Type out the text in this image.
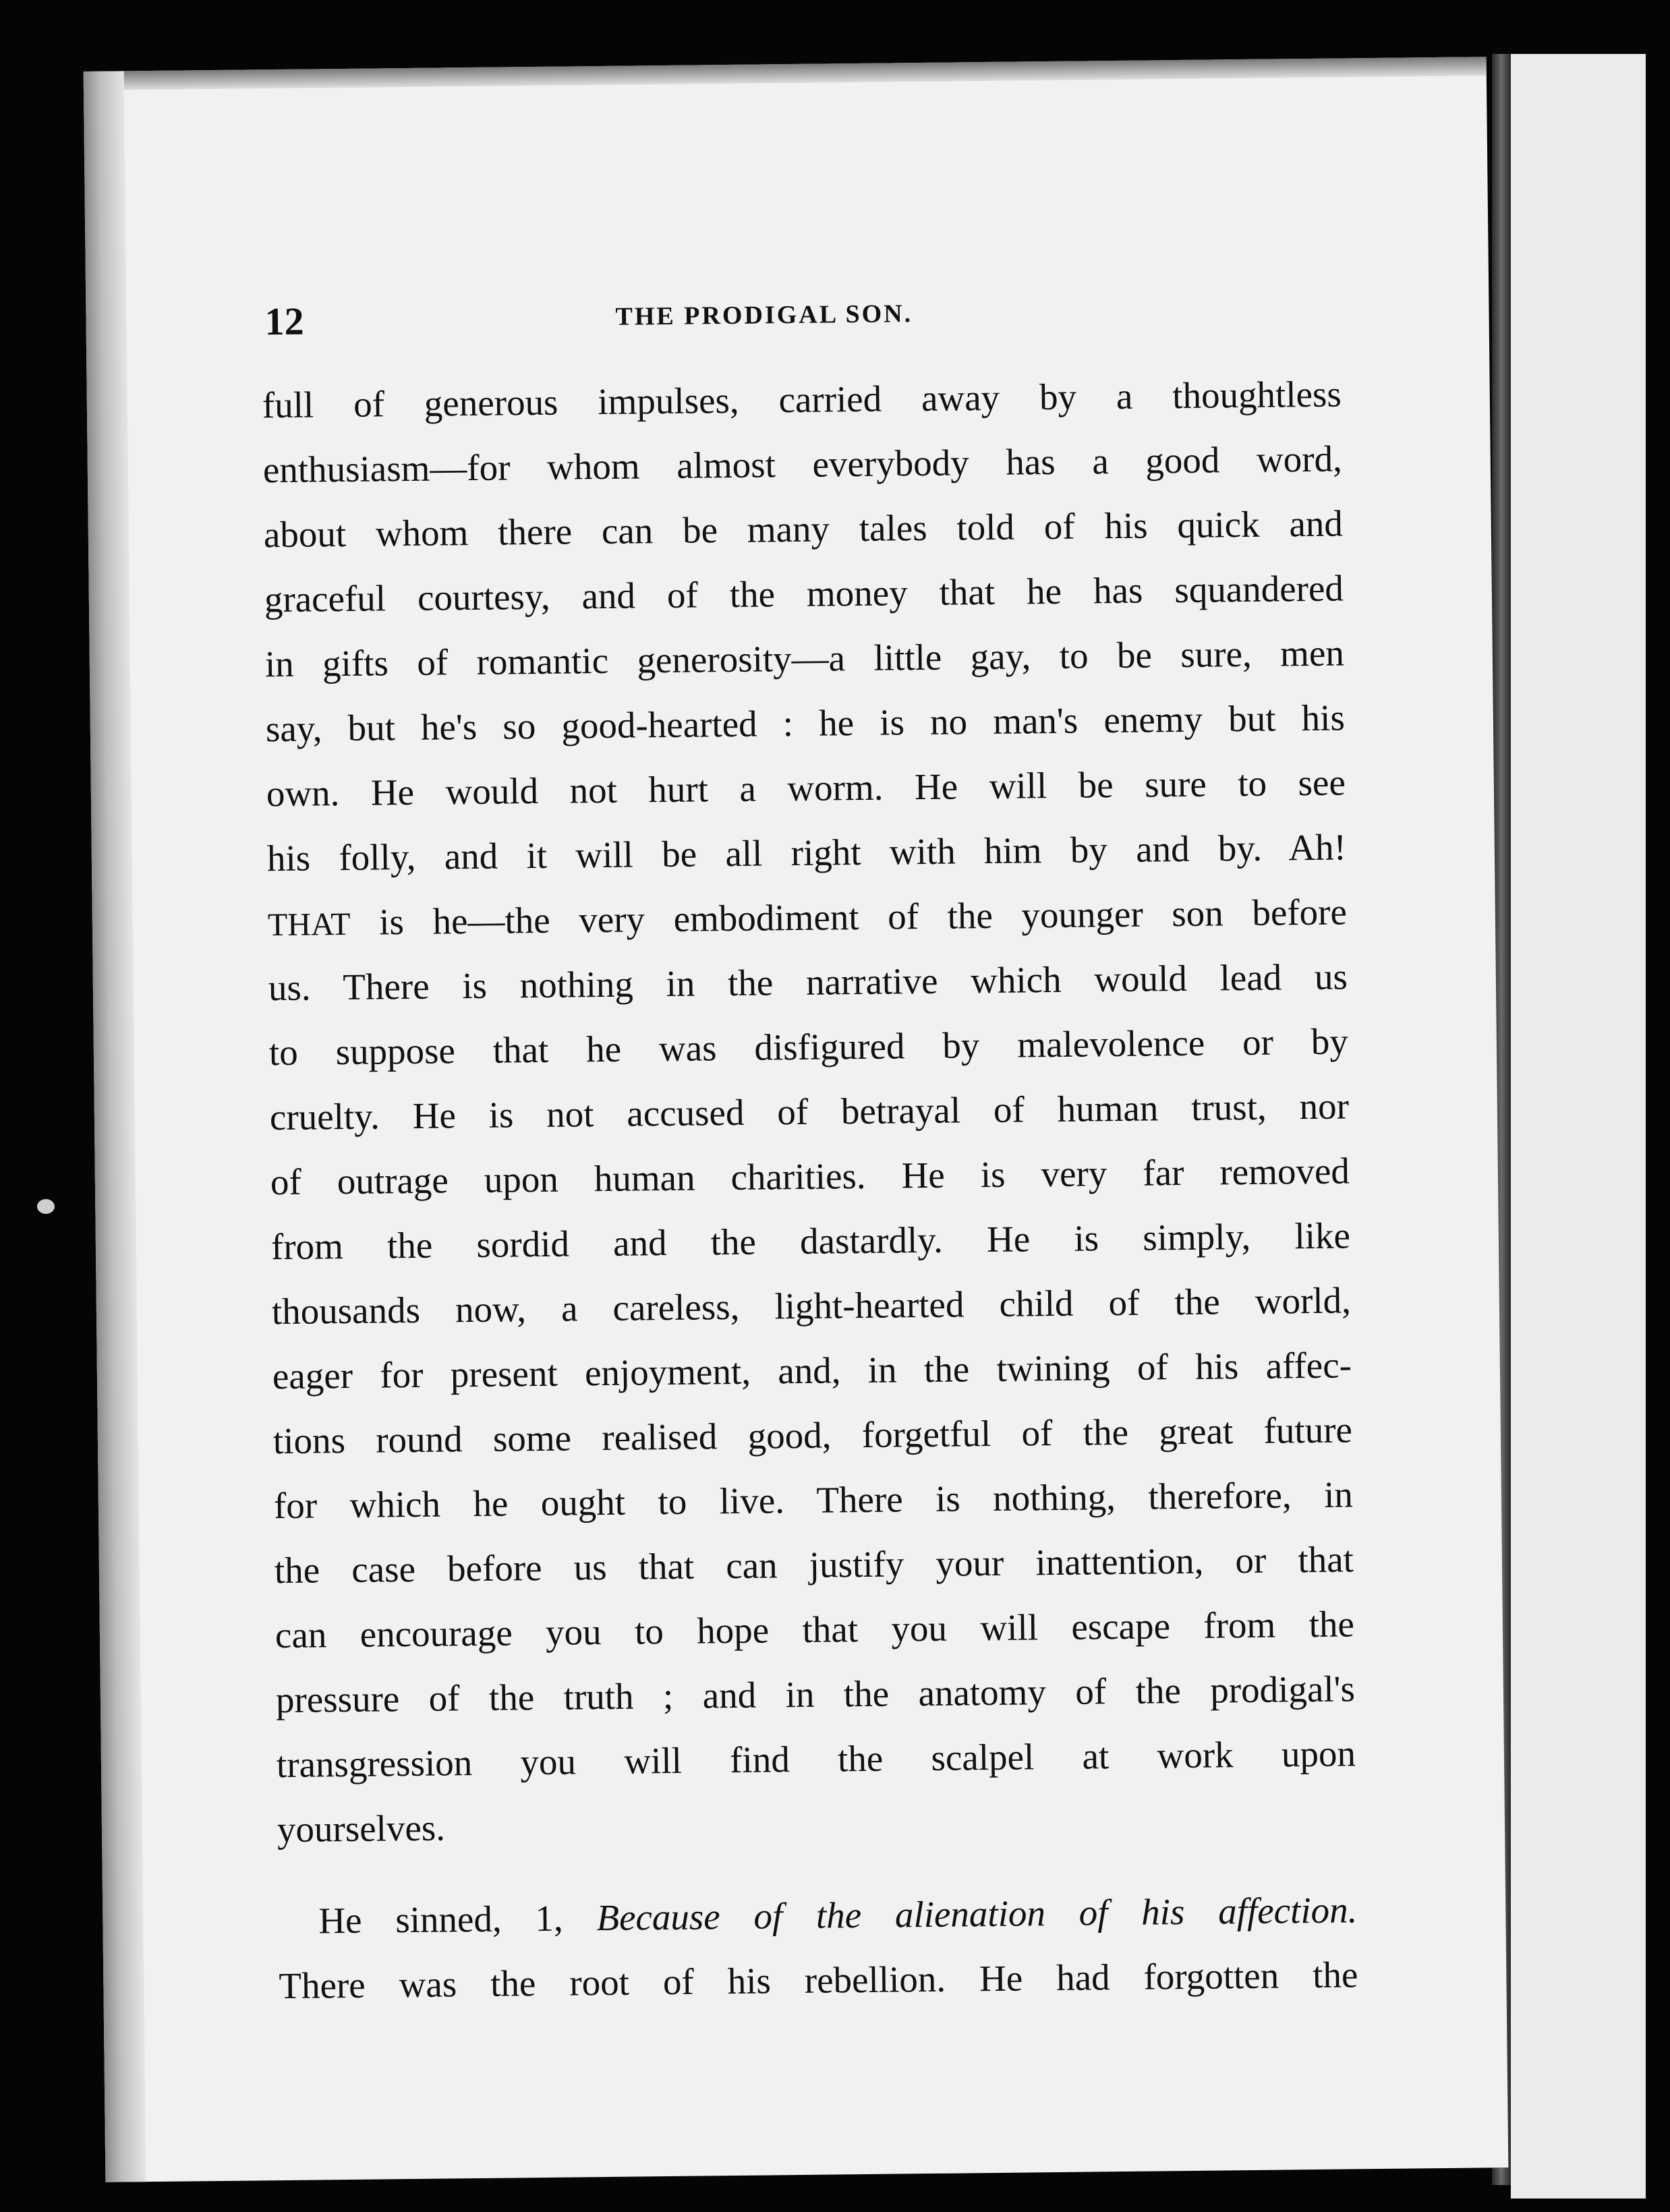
12	THE PRODIGAL SON.
full of generous impulses, carried away by a thoughtless
enthusiasm—for whom almost everybody has a good word,
about whom there can be many tales told of his quick and
graceful courtesy, and of the money that he has squandered
in gifts of romantic generosity—a little gay, to be sure, men
say, but he's so good-hearted : he is no man's enemy but his
own. He would not hurt a worm. He will be sure to see
his folly, and it will be all right with him by and by. Ah!
THAT is he—the very embodiment of the younger son before
us. There is nothing in the narrative which would lead us
to suppose that he was disfigured by malevolence or by
cruelty. He is not accused of betrayal of human trust, nor
of outrage upon human charities. He is very far removed
from the sordid and the dastardly. He is simply, like
thousands now, a careless, light-hearted child of the world,
eager for present enjoyment, and, in the twining of his affec-
tions round some realised good, forgetful of the great future
for which he ought to live. There is nothing, therefore, in
the case before us that can justify your inattention, or that
can encourage you to hope that you will escape from the
pressure of the truth ; and in the anatomy of the prodigal's
transgression you will find the scalpel at work upon
yourselves.
He sinned, 1, Because of the alienation of his affection.
There was the root of his rebellion. He had forgotten the
